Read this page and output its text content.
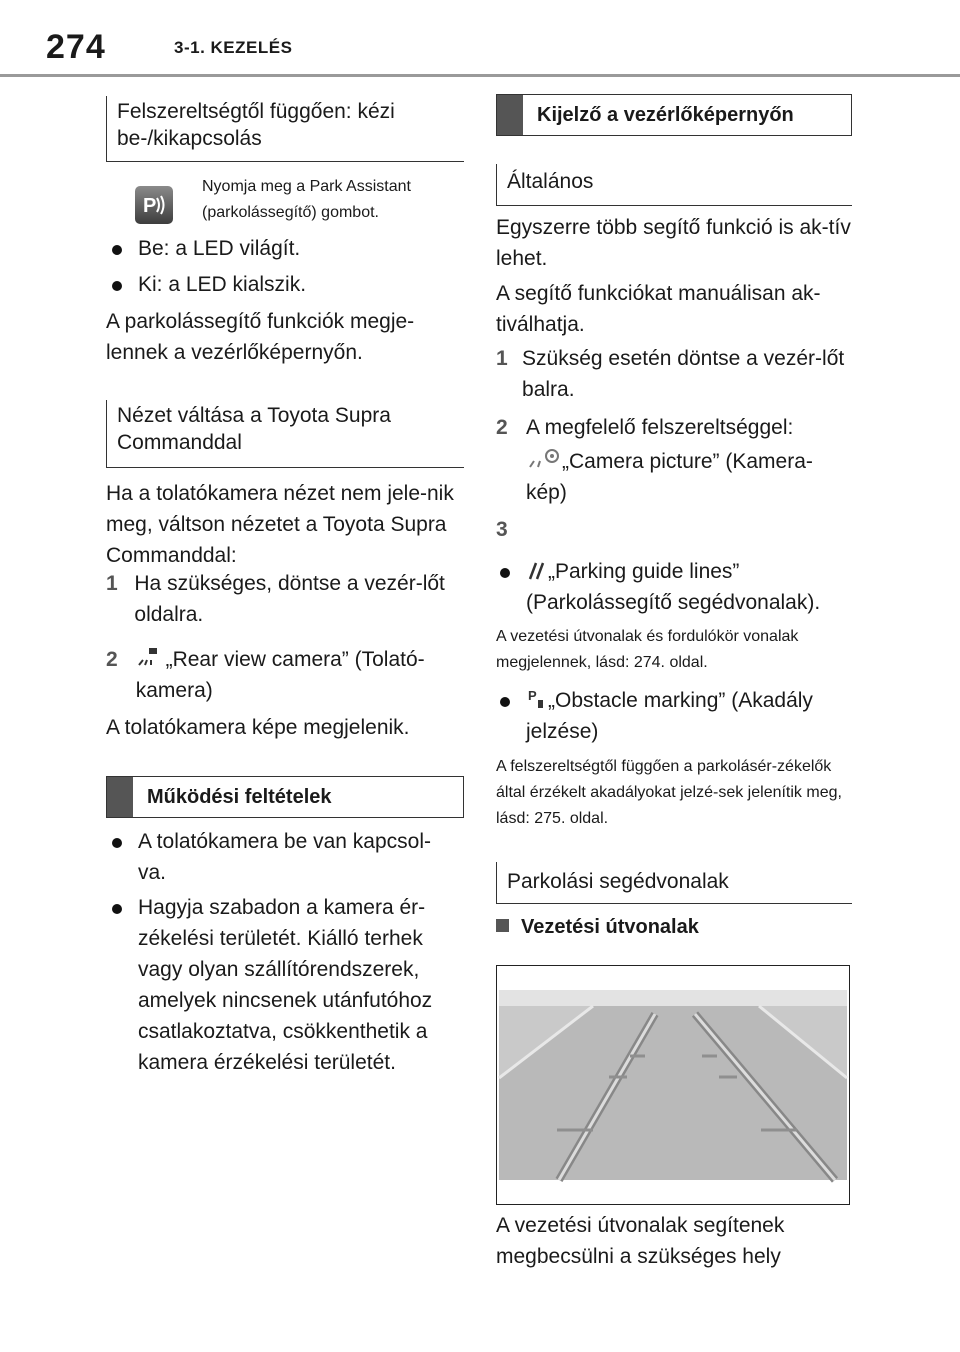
274	3-1. KEZELÉS
Felszereltségtől függően: kézi be-/kikapcsolás
P
Nyomja meg a Park Assistant (parkolássegítő) gombot.
Be: a LED világít.
Ki: a LED kialszik.
A parkolássegítő funkciók megje-lennek a vezérlőképernyőn.
Nézet váltása a Toyota Supra Commanddal
Ha a tolatókamera nézet nem jele-nik meg, váltson nézetet a Toyota Supra Commanddal:
1 Ha szükséges, döntse a vezér-lőt oldalra.
2	„Rear view camera” (Tolató-kamera)
A tolatókamera képe megjelenik.
Működési feltételek
A tolatókamera be van kapcsol-va.
Hagyja szabadon a kamera ér-zékelési területét. Kiálló terhek vagy olyan szállítórendszerek, amelyek nincsenek utánfutóhoz csatlakoztatva, csökkenthetik a kamera érzékelési területét.
Kijelző a vezérlőképernyőn
Általános
Egyszerre több segítő funkció is ak-tív lehet.
A segítő funkciókat manuálisan ak-tiválhatja.
1 Szükség esetén döntse a vezér-lőt balra.
2 A megfelelő felszereltséggel:
„Camera picture” (Kamera-kép)
3
„Parking guide lines” (Parkolássegítő segédvonalak).
A vezetési útvonalak és fordulókör vonalak megjelennek, lásd: 274. oldal.
P „Obstacle marking” (Akadály jelzése)
A felszereltségtől függően a parkolásér-zékelők által érzékelt akadályokat jelzé-sek jelenítik meg, lásd: 275. oldal.
Parkolási segédvonalak
Vezetési útvonalak
A vezetési útvonalak segítenek megbecsülni a szükséges hely
